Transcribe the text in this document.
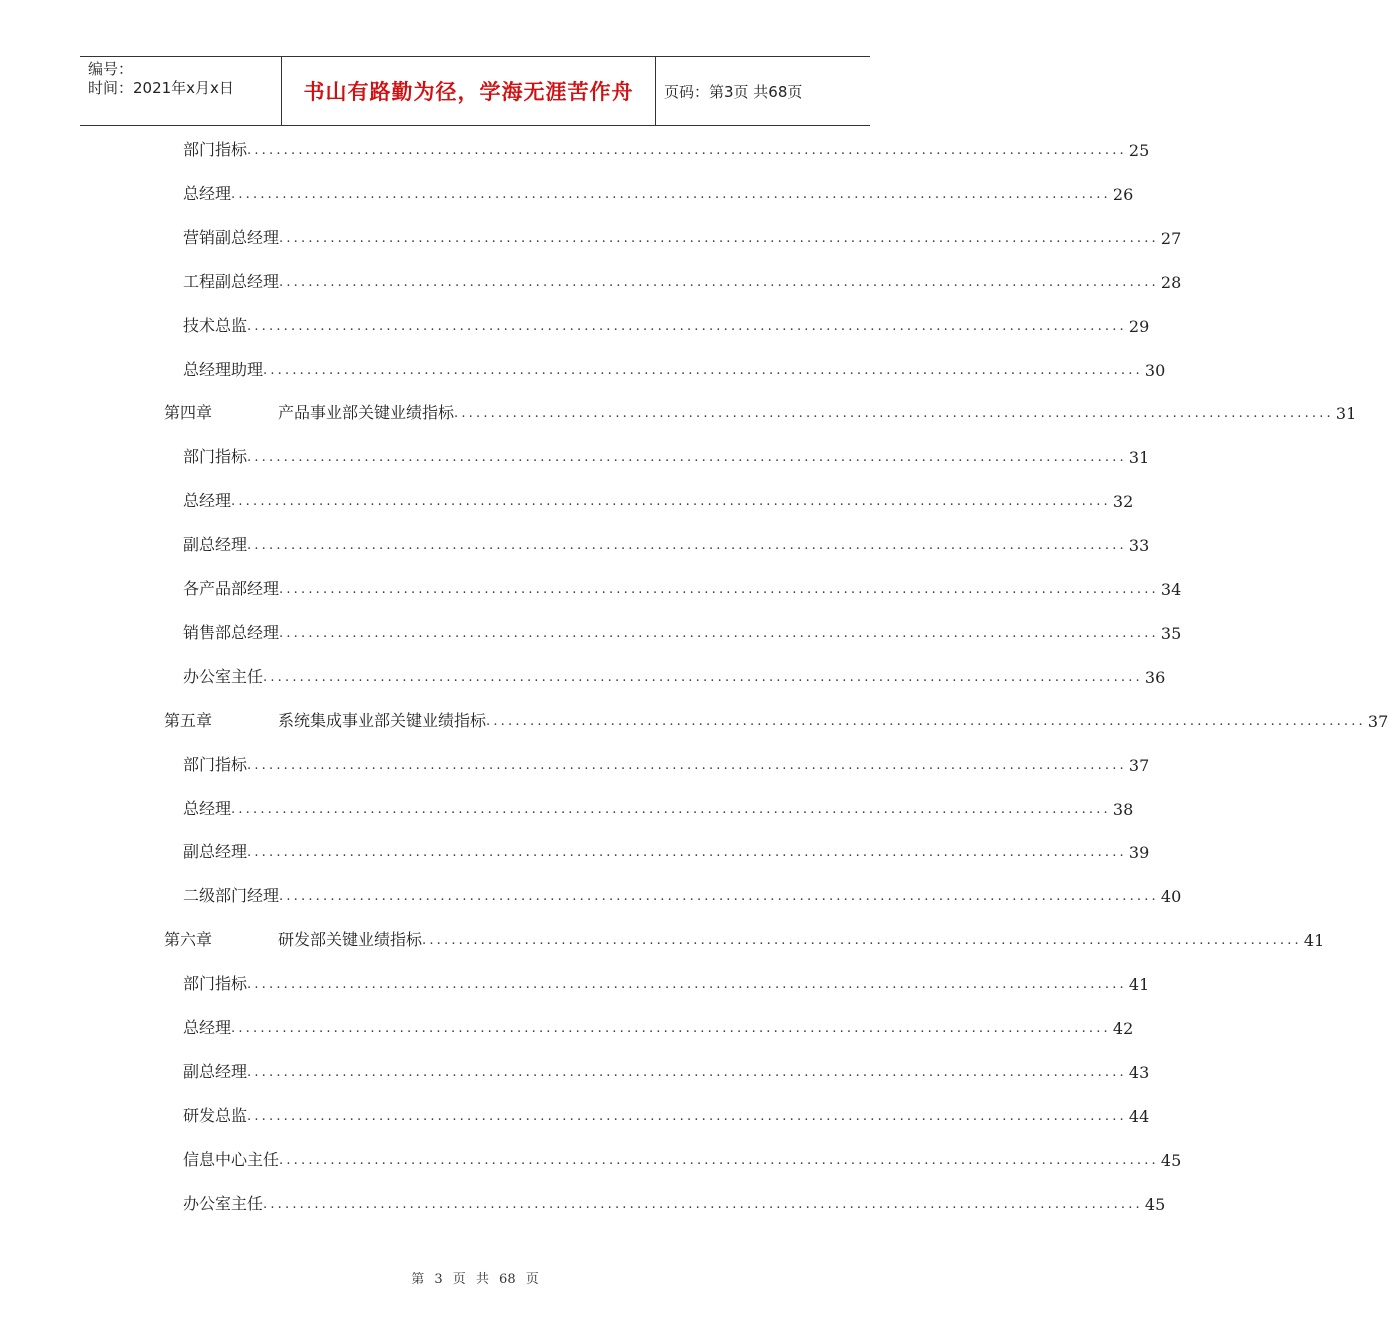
编号：
时间：2021年x月x日	书山有路勤为径，学海无涯苦作舟 页码：第3页 共68页
部门指标 ........................................................................................................................ 25
总经理 ........................................................................................................................ 26
营销副总经理 ........................................................................................................................ 27
工程副总经理 ........................................................................................................................ 28
技术总监 ........................................................................................................................ 29
总经理助理 ........................................................................................................................ 30
第四章	产品事业部关键业绩指标 ........................................................................................................................ 31
部门指标 ........................................................................................................................ 31
总经理 ........................................................................................................................ 32
副总经理 ........................................................................................................................ 33
各产品部经理 ........................................................................................................................ 34
销售部总经理 ........................................................................................................................ 35
办公室主任 ........................................................................................................................ 36
第五章	系统集成事业部关键业绩指标 ........................................................................................................................ 37
部门指标 ........................................................................................................................ 37
总经理 ........................................................................................................................ 38
副总经理 ........................................................................................................................ 39
二级部门经理 ........................................................................................................................ 40
第六章	研发部关键业绩指标 ........................................................................................................................ 41
部门指标 ........................................................................................................................ 41
总经理 ........................................................................................................................ 42
副总经理 ........................................................................................................................ 43
研发总监 ........................................................................................................................ 44
信息中心主任 ........................................................................................................................ 45
办公室主任 ........................................................................................................................ 45
第 3 页 共 68 页
